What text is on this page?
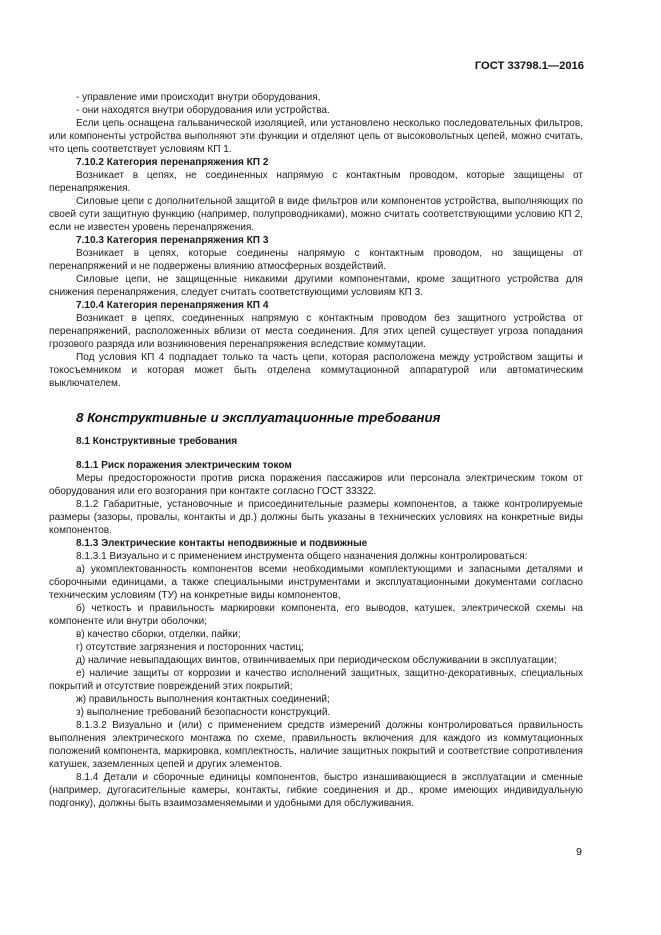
ГОСТ 33798.1—2016
- управление ими происходит внутри оборудования,
- они находятся внутри оборудования или устройства.
Если цепь оснащена гальванической изоляцией, или установлено несколько последовательных фильтров, или компоненты устройства выполняют эти функции и отделяют цепь от высоковольтных цепей, можно считать, что цепь соответствует условиям КП 1.
7.10.2 Категория перенапряжения КП 2
Возникает в цепях, не соединенных напрямую с контактным проводом, которые защищены от перенапряжения.
Силовые цепи с дополнительной защитой в виде фильтров или компонентов устройства, выполняющих по своей сути защитную функцию (например, полупроводниками), можно считать соответствующими условию КП 2, если не известен уровень перенапряжения.
7.10.3 Категория перенапряжения КП 3
Возникает в цепях, которые соединены напрямую с контактным проводом, но защищены от перенапряжений и не подвержены влиянию атмосферных воздействий.
Силовые цепи, не защищенные никакими другими компонентами, кроме защитного устройства для снижения перенапряжения, следует считать соответствующими условиям КП 3.
7.10.4 Категория перенапряжения КП 4
Возникает в цепях, соединенных напрямую с контактным проводом без защитного устройства от перенапряжений, расположенных вблизи от места соединения. Для этих цепей существует угроза попадания грозового разряда или возникновения перенапряжения вследствие коммутации.
Под условия КП 4 подпадает только та часть цепи, которая расположена между устройством защиты и токосъемником и которая может быть отделена коммутационной аппаратурой или автоматическим выключателем.
8 Конструктивные и эксплуатационные требования
8.1 Конструктивные требования
8.1.1 Риск поражения электрическим током
Меры предосторожности против риска поражения пассажиров или персонала электрическим током от оборудования или его возгорания при контакте согласно ГОСТ 33322.
8.1.2 Габаритные, установочные и присоединительные размеры компонентов, а также контролируемые размеры (зазоры, провалы, контакты и др.) должны быть указаны в технических условиях на конкретные виды компонентов.
8.1.3 Электрические контакты неподвижные и подвижные
8.1.3.1 Визуально и с применением инструмента общего назначения должны контролироваться:
а) укомплектованность компонентов всеми необходимыми комплектующими и запасными деталями и сборочными единицами, а также специальными инструментами и эксплуатационными документами согласно техническим условиям (ТУ) на конкретные виды компонентов,
б) четкость и правильность маркировки компонента, его выводов, катушек, электрической схемы на компоненте или внутри оболочки;
в) качество сборки, отделки, пайки;
г) отсутствие загрязнения и посторонних частиц;
д) наличие невыпадающих винтов, отвинчиваемых при периодическом обслуживании в эксплуатации;
е) наличие защиты от коррозии и качество исполнений защитных, защитно-декоративных, специальных покрытий и отсутствие повреждений этих покрытий;
ж) правильность выполнения контактных соединений;
з) выполнение требований безопасности конструкций.
8.1.3.2 Визуально и (или) с применением средств измерений должны контролироваться правильность выполнения электрического монтажа по схеме, правильность включения для каждого из коммутационных положений компонента, маркировка, комплектность, наличие защитных покрытий и соответствие сопротивления катушек, заземленных цепей и других элементов.
8.1.4 Детали и сборочные единицы компонентов, быстро изнашивающиеся в эксплуатации и сменные (например, дугогасительные камеры, контакты, гибкие соединения и др., кроме имеющих индивидуальную подгонку), должны быть взаимозаменяемыми и удобными для обслуживания.
9
